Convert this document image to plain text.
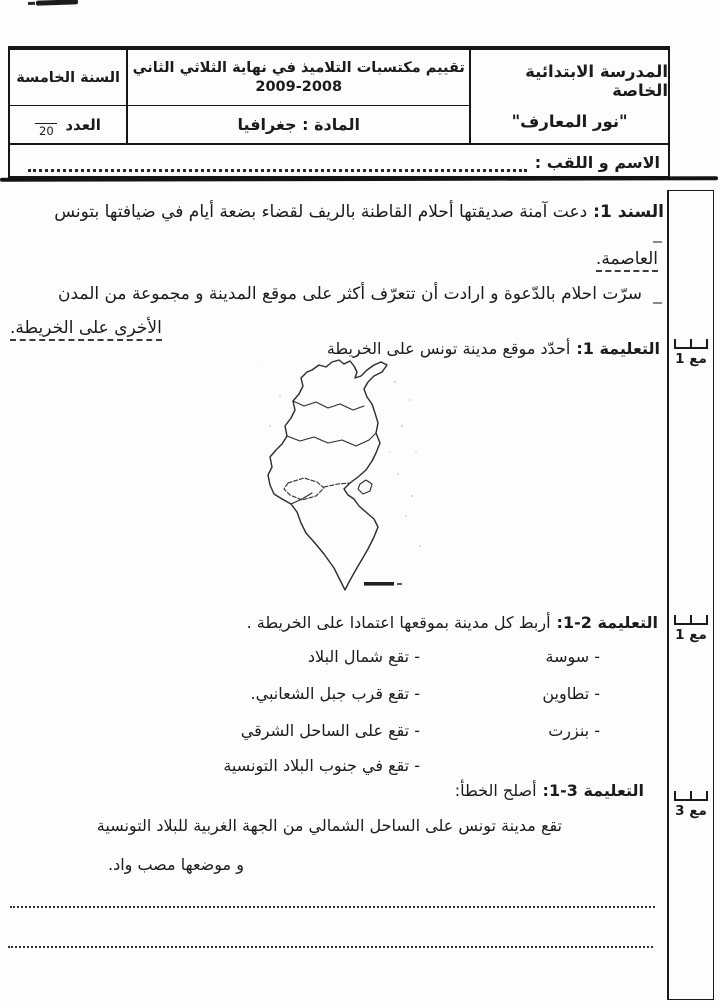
المدرسة الابتدائية الخاصة
"نور المعارف"
تقييم مكتسبات التلاميذ في نهاية الثلاثي الثاني
2009-2008
المادة : جغرافيا
السنة الخامسة
العدد
20
الاسم و اللقب :
السند 1:دعت آمنة صديقتها أحلام القاطنة بالريف لقضاء بضعة أيام في ضيافتها بتونس
العاصمة.
سرّت احلام بالدّعوة و ارادت أن تتعرّف أكثر على موقع المدينة و مجموعة من المدن
الأخرى على الخريطة.
التعليمة 1:أحدّد موقع مدينة تونس على الخريطة
التعليمة 2-1:أربط كل مدينة بموقعها اعتمادا على الخريطة .
- سوسة
- تطاوين
- بنزرت
- تقع شمال البلاد
- تقع قرب جبل الشعانبي.
- تقع على الساحل الشرقي
- تقع في جنوب البلاد التونسية
التعليمة 3-1:أصلح الخطأ:
تقع مدينة تونس على الساحل الشمالي من الجهة الغربية للبلاد التونسية
و موضعها مصب واد.
مع 1
مع 1
مع 3
